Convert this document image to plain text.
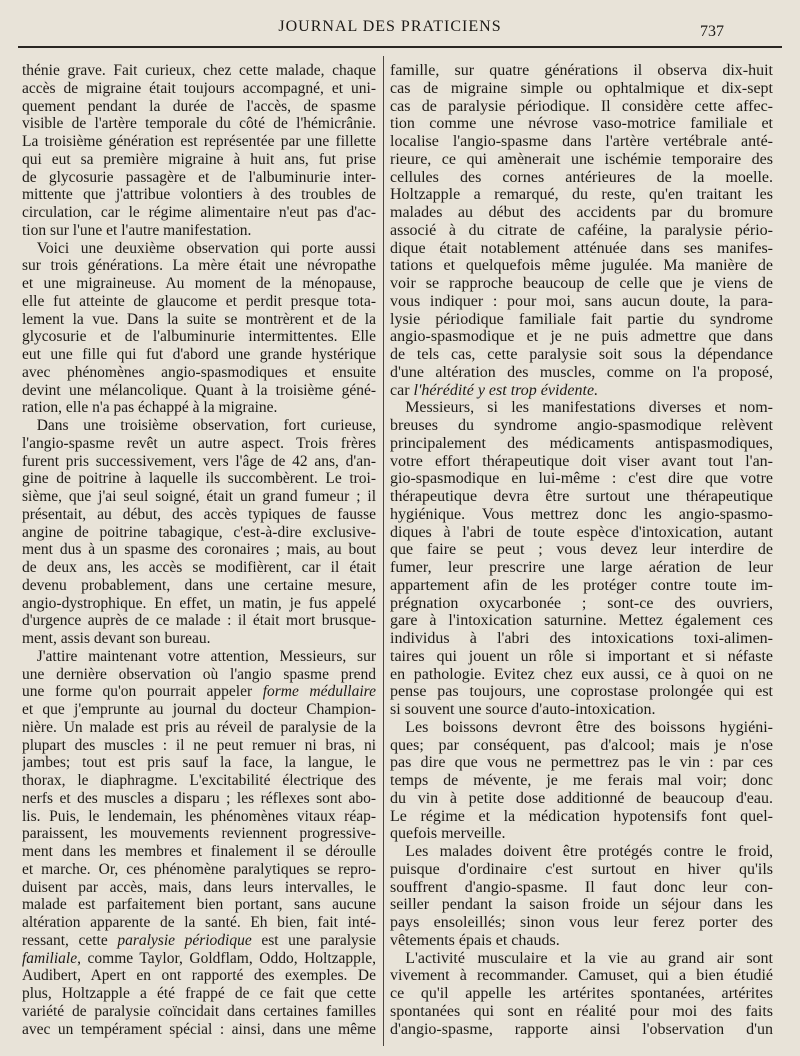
JOURNAL DES PRATICIENS	737
thénie grave. Fait curieux, chez cette malade, chaque
accès de migraine était toujours accompagné, et uni-
quement pendant la durée de l'accès, de spasme
visible de l'artère temporale du côté de l'hémicrânie.
La troisième génération est représentée par une fillette
qui eut sa première migraine à huit ans, fut prise
de glycosurie passagère et de l'albuminurie inter-
mittente que j'attribue volontiers à des troubles de
circulation, car le régime alimentaire n'eut pas d'ac-
tion sur l'une et l'autre manifestation.
Voici une deuxième observation qui porte aussi
sur trois générations. La mère était une névropathe
et une migraineuse. Au moment de la ménopause,
elle fut atteinte de glaucome et perdit presque tota-
lement la vue. Dans la suite se montrèrent et de la
glycosurie et de l'albuminurie intermittentes. Elle
eut une fille qui fut d'abord une grande hystérique
avec phénomènes angio-spasmodiques et ensuite
devint une mélancolique. Quant à la troisième géné-
ration, elle n'a pas échappé à la migraine.
Dans une troisième observation, fort curieuse,
l'angio-spasme revêt un autre aspect. Trois frères
furent pris successivement, vers l'âge de 42 ans, d'an-
gine de poitrine à laquelle ils succombèrent. Le troi-
sième, que j'ai seul soigné, était un grand fumeur ; il
présentait, au début, des accès typiques de fausse
angine de poitrine tabagique, c'est-à-dire exclusive-
ment dus à un spasme des coronaires ; mais, au bout
de deux ans, les accès se modifièrent, car il était
devenu probablement, dans une certaine mesure,
angio-dystrophique. En effet, un matin, je fus appelé
d'urgence auprès de ce malade : il était mort brusque-
ment, assis devant son bureau.
J'attire maintenant votre attention, Messieurs, sur
une dernière observation où l'angio spasme prend
une forme qu'on pourrait appeler forme médullaire
et que j'emprunte au journal du docteur Champion-
nière. Un malade est pris au réveil de paralysie de la
plupart des muscles : il ne peut remuer ni bras, ni
jambes; tout est pris sauf la face, la langue, le
thorax, le diaphragme. L'excitabilité électrique des
nerfs et des muscles a disparu ; les réflexes sont abo-
lis. Puis, le lendemain, les phénomènes vitaux réap-
paraissent, les mouvements reviennent progressive-
ment dans les membres et finalement il se déroulle
et marche. Or, ces phénomène paralytiques se repro-
duisent par accès, mais, dans leurs intervalles, le
malade est parfaitement bien portant, sans aucune
altération apparente de la santé. Eh bien, fait inté-
ressant, cette paralysie périodique est une paralysie
familiale, comme Taylor, Goldflam, Oddo, Holtzapple,
Audibert, Apert en ont rapporté des exemples. De
plus, Holtzapple a été frappé de ce fait que cette
variété de paralysie coïncidait dans certaines familles
avec un tempérament spécial : ainsi, dans une même
famille, sur quatre générations il observa dix-huit
cas de migraine simple ou ophtalmique et dix-sept
cas de paralysie périodique. Il considère cette affec-
tion comme une névrose vaso-motrice familiale et
localise l'angio-spasme dans l'artère vertébrale anté-
rieure, ce qui amènerait une ischémie temporaire des
cellules des cornes antérieures de la moelle.
Holtzapple a remarqué, du reste, qu'en traitant les
malades au début des accidents par du bromure
associé à du citrate de caféine, la paralysie pério-
dique était notablement atténuée dans ses manifes-
tations et quelquefois même jugulée. Ma manière de
voir se rapproche beaucoup de celle que je viens de
vous indiquer : pour moi, sans aucun doute, la para-
lysie périodique familiale fait partie du syndrome
angio-spasmodique et je ne puis admettre que dans
de tels cas, cette paralysie soit sous la dépendance
d'une altération des muscles, comme on l'a proposé,
car l'hérédité y est trop évidente.
Messieurs, si les manifestations diverses et nom-
breuses du syndrome angio-spasmodique relèvent
principalement des médicaments antispasmodiques,
votre effort thérapeutique doit viser avant tout l'an-
gio-spasmodique en lui-même : c'est dire que votre
thérapeutique devra être surtout une thérapeutique
hygiénique. Vous mettrez donc les angio-spasmo-
diques à l'abri de toute espèce d'intoxication, autant
que faire se peut ; vous devez leur interdire de
fumer, leur prescrire une large aération de leur
appartement afin de les protéger contre toute im-
prégnation oxycarbonée ; sont-ce des ouvriers,
gare à l'intoxication saturnine. Mettez également ces
individus à l'abri des intoxications toxi-alimen-
taires qui jouent un rôle si important et si néfaste
en pathologie. Evitez chez eux aussi, ce à quoi on ne
pense pas toujours, une coprostase prolongée qui est
si souvent une source d'auto-intoxication.
Les boissons devront être des boissons hygiéni-
ques; par conséquent, pas d'alcool; mais je n'ose
pas dire que vous ne permettrez pas le vin : par ces
temps de mévente, je me ferais mal voir; donc
du vin à petite dose additionné de beaucoup d'eau.
Le régime et la médication hypotensifs font quel-
quefois merveille.
Les malades doivent être protégés contre le froid,
puisque d'ordinaire c'est surtout en hiver qu'ils
souffrent d'angio-spasme. Il faut donc leur con-
seiller pendant la saison froide un séjour dans les
pays ensoleillés; sinon vous leur ferez porter des
vêtements épais et chauds.
L'activité musculaire et la vie au grand air sont
vivement à recommander. Camuset, qui a bien étudié
ce qu'il appelle les artérites spontanées, artérites
spontanées qui sont en réalité pour moi des faits
d'angio-spasme, rapporte ainsi l'observation d'un
